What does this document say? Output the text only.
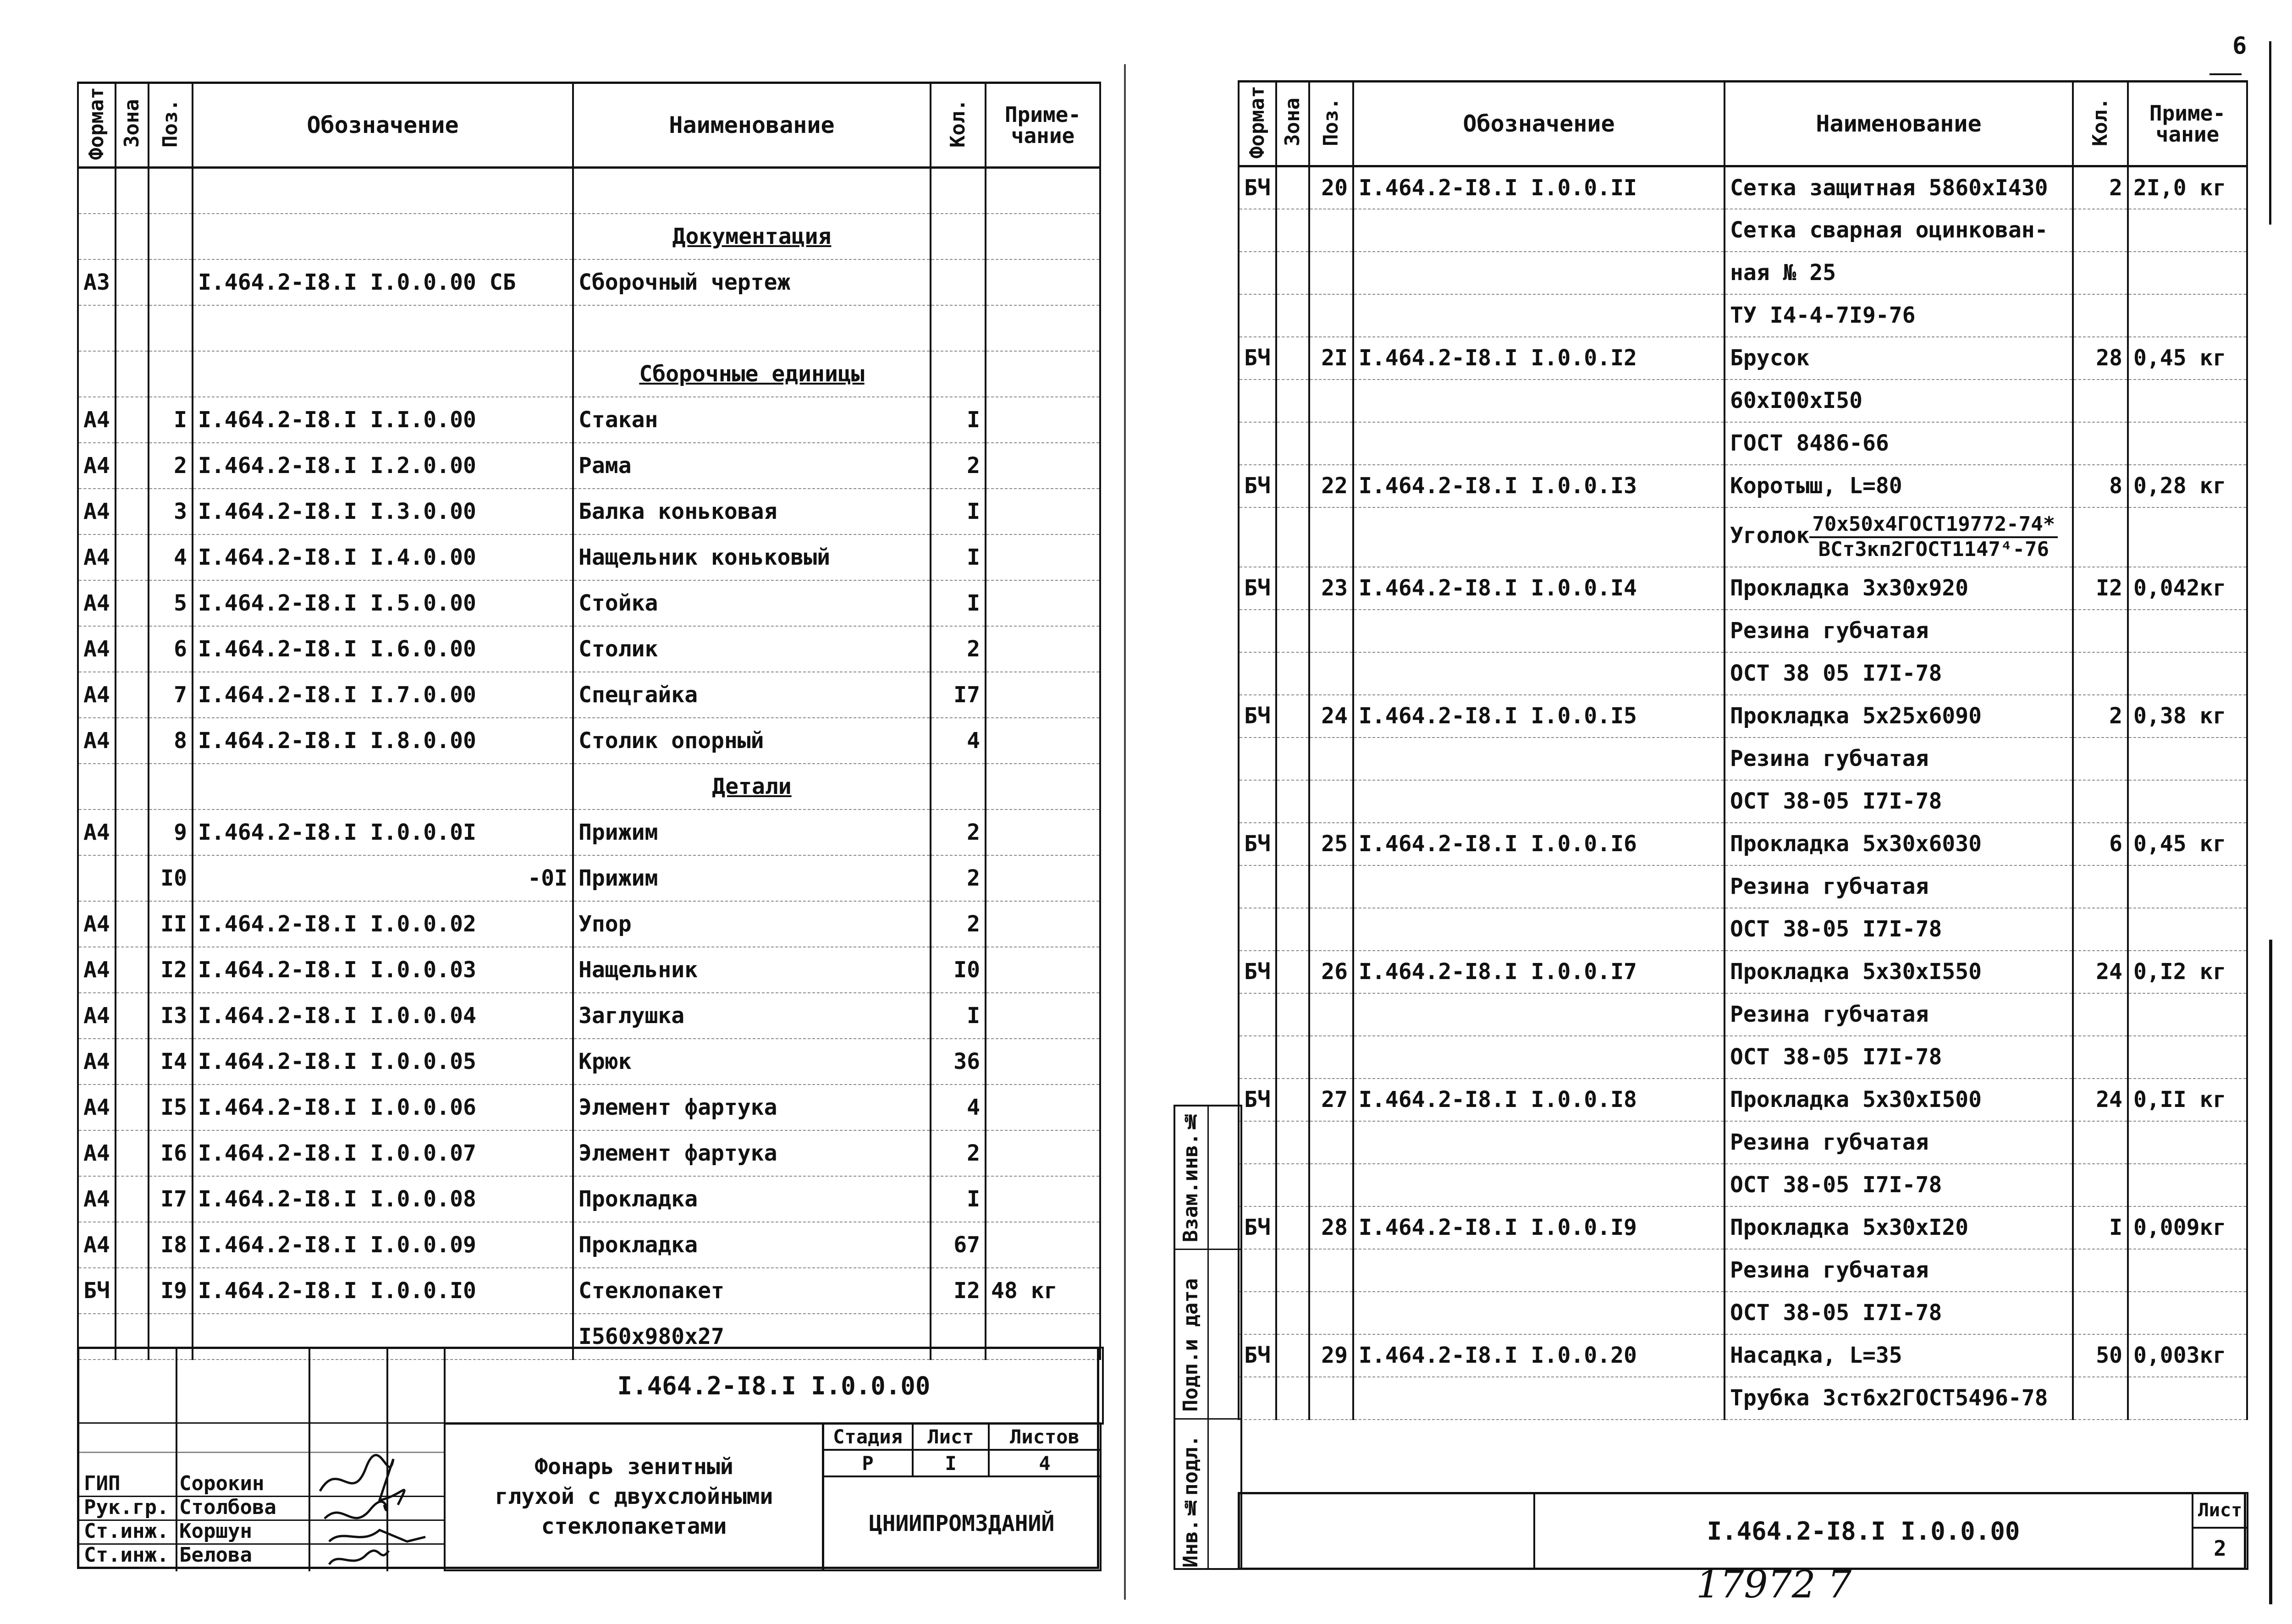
Формат	Зона	Поз.	Обозначение	Наименование	Кол.	Приме-
чание

				Документация		
А3			I.464.2-I8.I I.0.0.00 СБ	Сборочный чертеж		

				Сборочные единицы		
А4		I	I.464.2-I8.I I.I.0.00	Стакан	I	
А4		2	I.464.2-I8.I I.2.0.00	Рама	2	
А4		3	I.464.2-I8.I I.3.0.00	Балка коньковая	I	
А4		4	I.464.2-I8.I I.4.0.00	Нащельник коньковый	I	
А4		5	I.464.2-I8.I I.5.0.00	Стойка	I	
А4		6	I.464.2-I8.I I.6.0.00	Столик	2	
А4		7	I.464.2-I8.I I.7.0.00	Спецгайка	I7	
А4		8	I.464.2-I8.I I.8.0.00	Столик опорный	4	
				Детали		
А4		9	I.464.2-I8.I I.0.0.0I	Прижим	2	
		I0	-0I	Прижим	2	
А4		II	I.464.2-I8.I I.0.0.02	Упор	2	
А4		I2	I.464.2-I8.I I.0.0.03	Нащельник	I0	
А4		I3	I.464.2-I8.I I.0.0.04	Заглушка	I	
А4		I4	I.464.2-I8.I I.0.0.05	Крюк	36	
А4		I5	I.464.2-I8.I I.0.0.06	Элемент фартука	4	
А4		I6	I.464.2-I8.I I.0.0.07	Элемент фартука	2	
А4		I7	I.464.2-I8.I I.0.0.08	Прокладка	I	
А4		I8	I.464.2-I8.I I.0.0.09	Прокладка	67	
БЧ		I9	I.464.2-I8.I I.0.0.I0	Стеклопакет	I2	48 кг
				I560x980x27		
I.464.2-I8.I I.0.0.00
Фонарь зенитный
глухой с двухслойными
стеклопакетами
Стадия	Лист	Листов
Р	I	4
ЦНИИПРОМЗДАНИЙ
ГИП	Сорокин
Рук.гр. Столбова
Ст.инж. Коршун
Ст.инж. Белова
Формат	Зона	Поз.	Обозначение	Наименование	Кол.	Приме-
чание
БЧ		20	I.464.2-I8.I I.0.0.II	Сетка защитная 5860xI430	2	2I,0 кг
				Сетка сварная оцинкован-		
				ная № 25		
				ТУ I4-4-7I9-76		
БЧ		2I	I.464.2-I8.I I.0.0.I2	Брусок	28	0,45 кг
				60xI00xI50		
				ГОСТ 8486-66		
БЧ		22	I.464.2-I8.I I.0.0.I3	Коротыш, L=80	8	0,28 кг
				Уголок $\frac{\text{70x50x4ГОСТ19772-74*}}{\text{ВСт3кп2ГОСТ1147⁴-76}}$

БЧ		23	I.464.2-I8.I I.0.0.I4	Прокладка 3x30x920	I2	0,042кг
				Резина губчатая		
				ОСТ 38 05 I7I-78		
БЧ		24	I.464.2-I8.I I.0.0.I5	Прокладка 5x25x6090	2	0,38 кг
				Резина губчатая		
				ОСТ 38-05 I7I-78		
БЧ		25	I.464.2-I8.I I.0.0.I6	Прокладка 5x30x6030	6	0,45 кг
				Резина губчатая		
				ОСТ 38-05 I7I-78		
БЧ		26	I.464.2-I8.I I.0.0.I7	Прокладка 5x30xI550	24	0,I2 кг
				Резина губчатая		
				ОСТ 38-05 I7I-78		
БЧ		27	I.464.2-I8.I I.0.0.I8	Прокладка 5x30xI500	24	0,II кг
				Резина губчатая		
				ОСТ 38-05 I7I-78		
БЧ		28	I.464.2-I8.I I.0.0.I9	Прокладка 5x30xI20	I	0,009кг
				Резина губчатая		
				ОСТ 38-05 I7I-78		
БЧ		29	I.464.2-I8.I I.0.0.20	Насадка, L=35	50	0,003кг
				Трубка 3ст6x2ГОСТ5496-78		
I.464.2-I8.I I.0.0.00
Лист
2
Взам.инв.№
Подп.и дата
Инв.№подл.
6
17972 7
